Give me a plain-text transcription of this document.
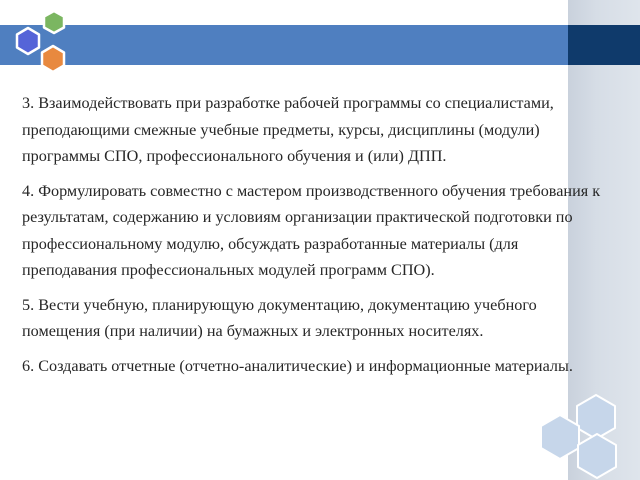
3. Взаимодействовать при разработке рабочей программы со специалистами, преподающими смежные учебные предметы, курсы, дисциплины (модули) программы СПО, профессионального обучения и (или) ДПП.

4. Формулировать совместно с мастером производственного обучения требования к результатам, содержанию и условиям организации практической подготовки по профессиональному модулю, обсуждать разработанные материалы (для преподавания профессиональных модулей программ СПО).

5. Вести учебную, планирующую документацию, документацию учебного помещения (при наличии) на бумажных и электронных носителях.

6. Создавать отчетные (отчетно-аналитические) и информационные материалы.
